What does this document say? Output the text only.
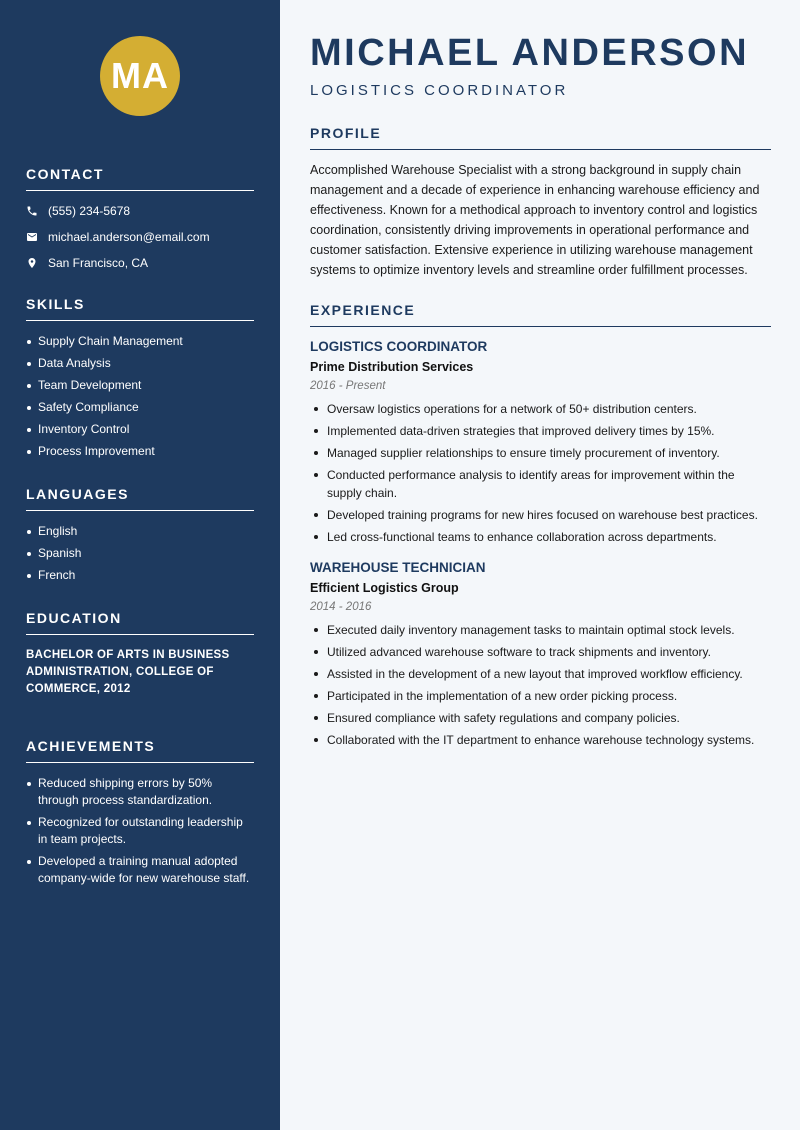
MA
CONTACT
(555) 234-5678
michael.anderson@email.com
San Francisco, CA
SKILLS
Supply Chain Management
Data Analysis
Team Development
Safety Compliance
Inventory Control
Process Improvement
LANGUAGES
English
Spanish
French
EDUCATION
BACHELOR OF ARTS IN BUSINESS ADMINISTRATION, COLLEGE OF COMMERCE, 2012
ACHIEVEMENTS
Reduced shipping errors by 50% through process standardization.
Recognized for outstanding leadership in team projects.
Developed a training manual adopted company-wide for new warehouse staff.
MICHAEL ANDERSON
LOGISTICS COORDINATOR
PROFILE

Accomplished Warehouse Specialist with a strong background in supply chain management and a decade of experience in enhancing warehouse efficiency and effectiveness. Known for a methodical approach to inventory control and logistics coordination, consistently driving improvements in operational performance and customer satisfaction. Extensive experience in utilizing warehouse management systems to optimize inventory levels and streamline order fulfillment processes.

EXPERIENCE
LOGISTICS COORDINATOR
Prime Distribution Services
2016 - Present
Oversaw logistics operations for a network of 50+ distribution centers.
Implemented data-driven strategies that improved delivery times by 15%.
Managed supplier relationships to ensure timely procurement of inventory.
Conducted performance analysis to identify areas for improvement within the supply chain.
Developed training programs for new hires focused on warehouse best practices.
Led cross-functional teams to enhance collaboration across departments.
WAREHOUSE TECHNICIAN
Efficient Logistics Group
2014 - 2016
Executed daily inventory management tasks to maintain optimal stock levels.
Utilized advanced warehouse software to track shipments and inventory.
Assisted in the development of a new layout that improved workflow efficiency.
Participated in the implementation of a new order picking process.
Ensured compliance with safety regulations and company policies.
Collaborated with the IT department to enhance warehouse technology systems.
